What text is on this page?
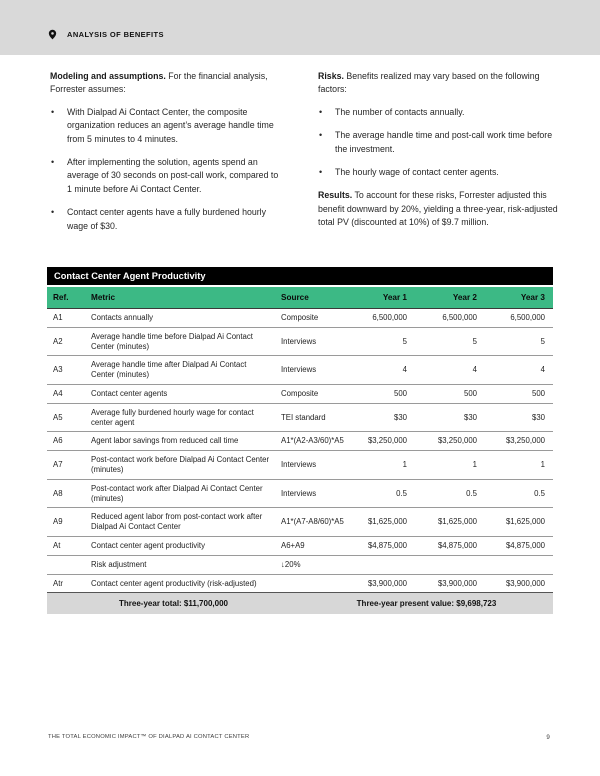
ANALYSIS OF BENEFITS

Modeling and assumptions. For the financial analysis, Forrester assumes:

• With Dialpad Ai Contact Center, the composite organization reduces an agent’s average handle time from 5 minutes to 4 minutes.
• After implementing the solution, agents spend an average of 30 seconds on post-call work, compared to 1 minute before Ai Contact Center.
• Contact center agents have a fully burdened hourly wage of $30.

Risks. Benefits realized may vary based on the following factors:

• The number of contacts annually.
• The average handle time and post-call work time before the investment.
• The hourly wage of contact center agents.

Results. To account for these risks, Forrester adjusted this benefit downward by 20%, yielding a three-year, risk-adjusted total PV (discounted at 10%) of $9.7 million.

Contact Center Agent Productivity
Ref.	Metric	Source	Year 1	Year 2	Year 3
A1	Contacts annually	Composite	6,500,000	6,500,000	6,500,000
A2	Average handle time before Dialpad Ai Contact Center (minutes)	Interviews	5	5	5
A3	Average handle time after Dialpad Ai Contact Center (minutes)	Interviews	4	4	4
A4	Contact center agents	Composite	500	500	500
A5	Average fully burdened hourly wage for contact center agent	TEI standard	$30	$30	$30
A6	Agent labor savings from reduced call time	A1*(A2-A3/60)*A5	$3,250,000	$3,250,000	$3,250,000
A7	Post-contact work before Dialpad Ai Contact Center (minutes)	Interviews	1	1	1
A8	Post-contact work after Dialpad Ai Contact Center (minutes)	Interviews	0.5	0.5	0.5
A9	Reduced agent labor from post-contact work after Dialpad Ai Contact Center	A1*(A7-A8/60)*A5	$1,625,000	$1,625,000	$1,625,000
At	Contact center agent productivity	A6+A9	$4,875,000	$4,875,000	$4,875,000
	Risk adjustment	↓20%			
Atr	Contact center agent productivity (risk-adjusted)		$3,900,000	$3,900,000	$3,900,000
Three-year total: $11,700,000	Three-year present value: $9,698,723
THE TOTAL ECONOMIC IMPACT™ OF DIALPAD AI CONTACT CENTER	9
